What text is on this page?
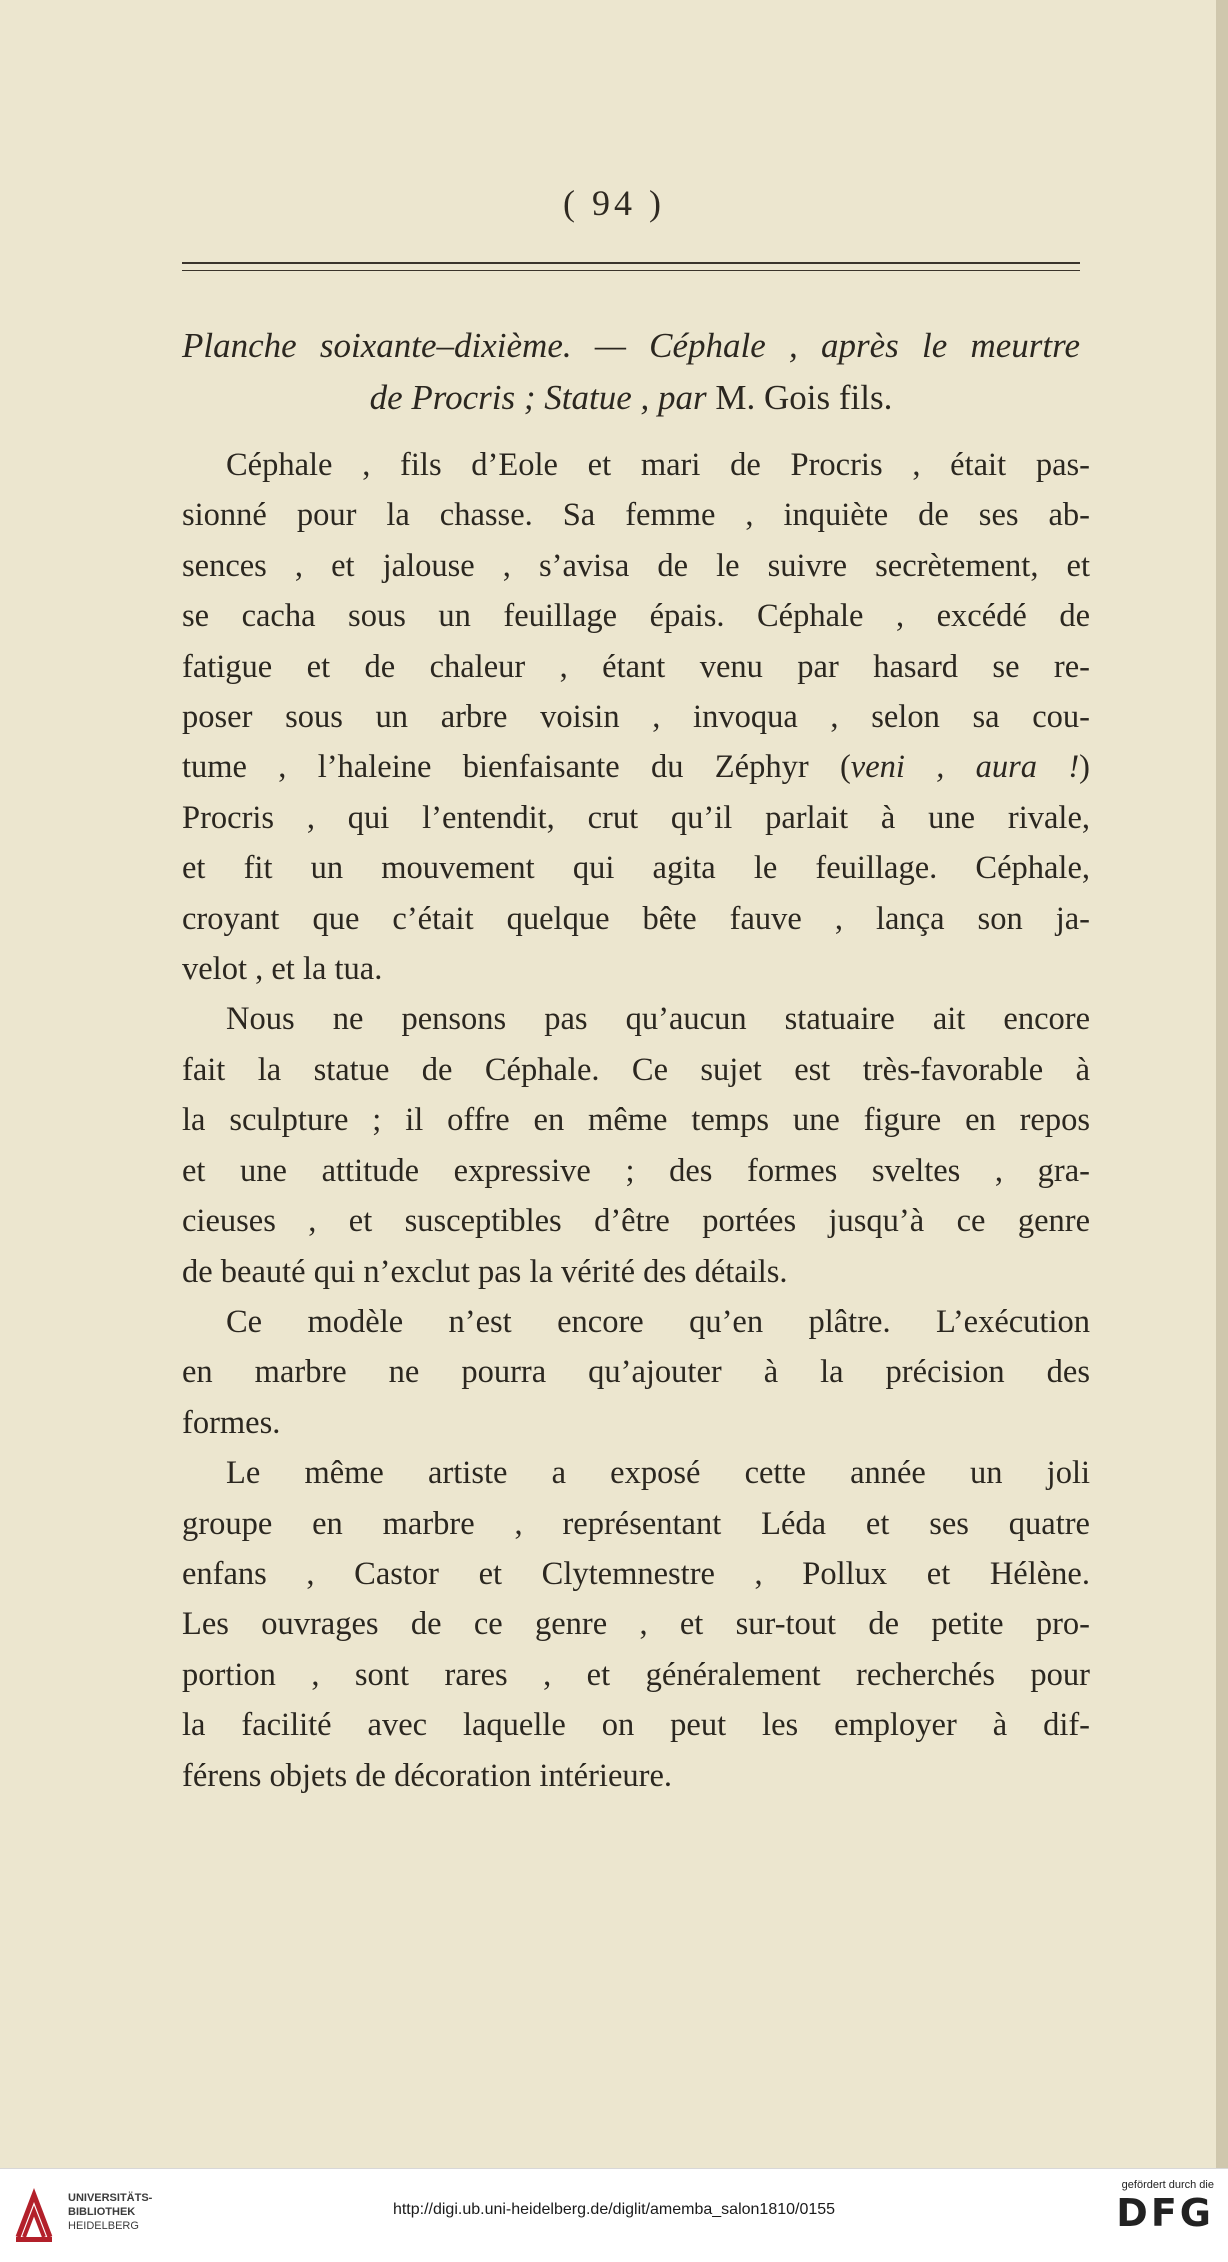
( 94 )
Planche soixante–dixième. — Céphale , après le meurtre
de Procris ; Statue , par M. Gois fils.
Céphale , fils d’Eole et mari de Procris , était pas-
sionné pour la chasse. Sa femme , inquiète de ses ab-
sences , et jalouse , s’avisa de le suivre secrètement, et
se cacha sous un feuillage épais. Céphale , excédé de
fatigue et de chaleur , étant venu par hasard se re-
poser sous un arbre voisin , invoqua , selon sa cou-
tume , l’haleine bienfaisante du Zéphyr (veni , aura !)
Procris , qui l’entendit, crut qu’il parlait à une rivale,
et fit un mouvement qui agita le feuillage. Céphale,
croyant que c’était quelque bête fauve , lança son ja-
velot , et la tua.
Nous ne pensons pas qu’aucun statuaire ait encore
fait la statue de Céphale. Ce sujet est très-favorable à
la sculpture ; il offre en même temps une figure en repos
et une attitude expressive ; des formes sveltes , gra-
cieuses , et susceptibles d’être portées jusqu’à ce genre
de beauté qui n’exclut pas la vérité des détails.
Ce modèle n’est encore qu’en plâtre. L’exécution
en marbre ne pourra qu’ajouter à la précision des
formes.
Le même artiste a exposé cette année un joli
groupe en marbre , représentant Léda et ses quatre
enfans , Castor et Clytemnestre , Pollux et Hélène.
Les ouvrages de ce genre , et sur-tout de petite pro-
portion , sont rares , et généralement recherchés pour
la facilité avec laquelle on peut les employer à dif-
férens objets de décoration intérieure.
UNIVERSITÄTS-
BIBLIOTHEK
HEIDELBERG
http://digi.ub.uni-heidelberg.de/diglit/amemba_salon1810/0155
gefördert durch die
DFG
